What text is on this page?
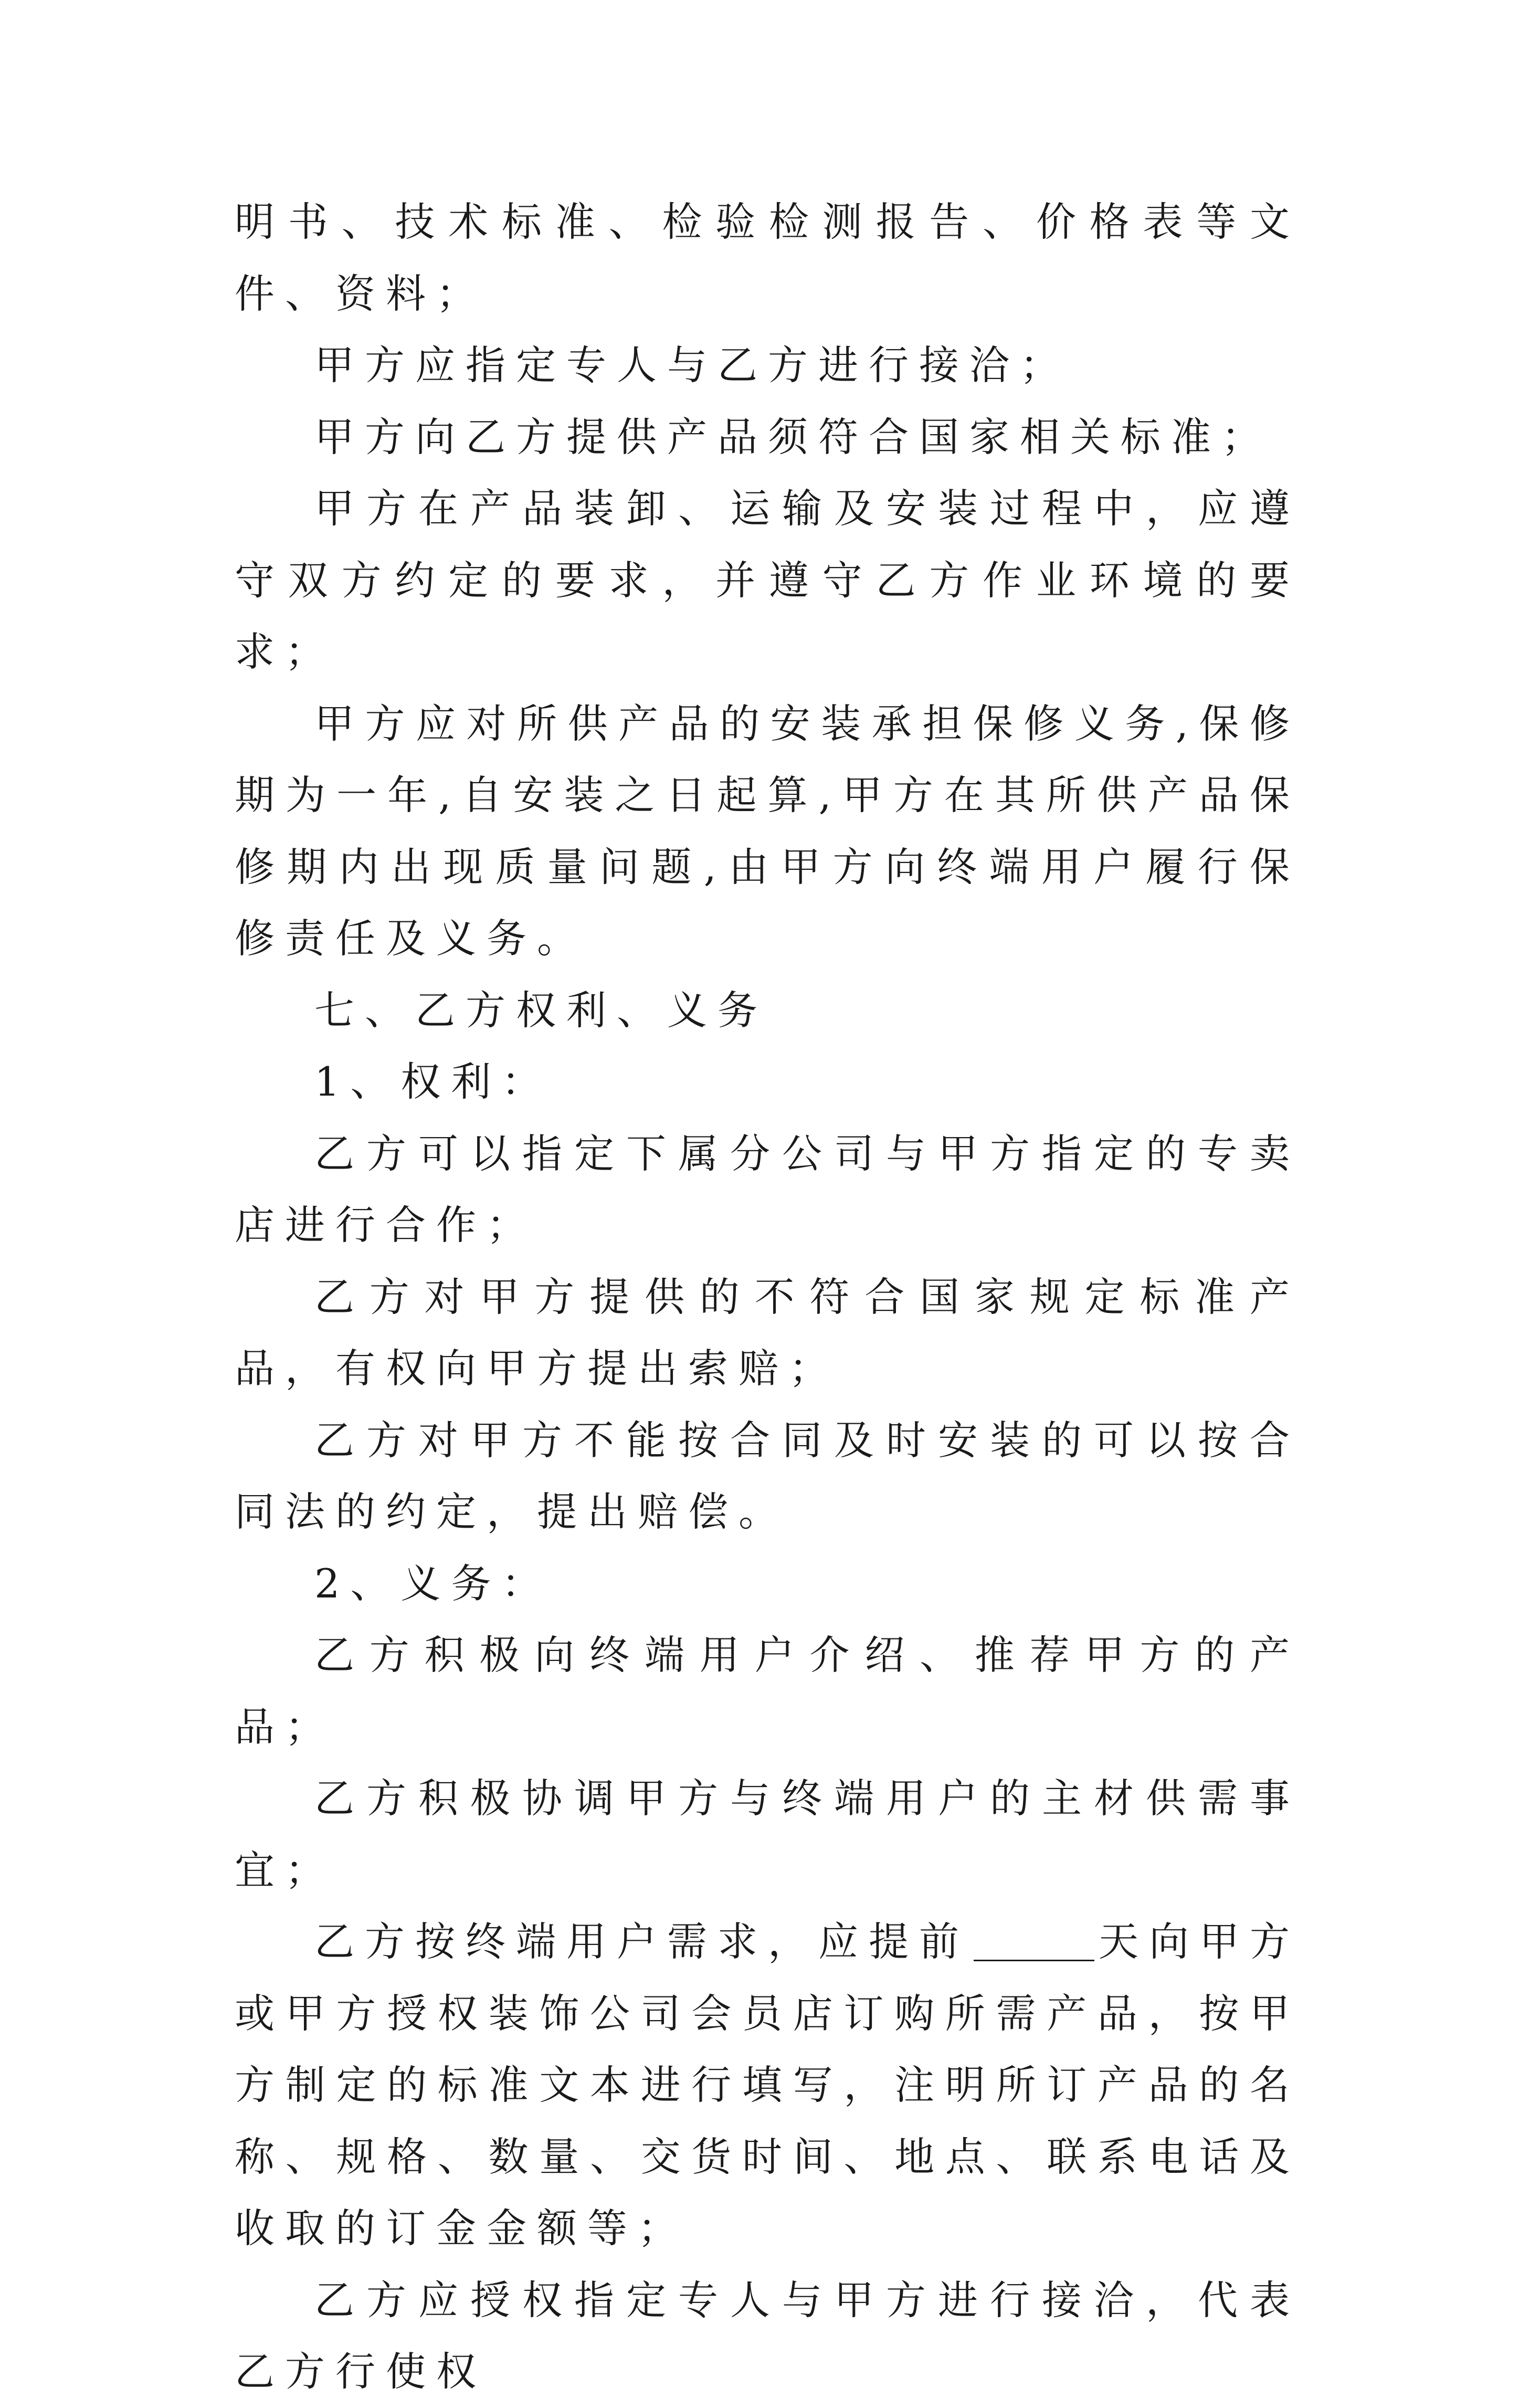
明书、技术标准、检验检测报告、价格表等文件、资料；

甲方应指定专人与乙方进行接洽；

甲方向乙方提供产品须符合国家相关标准；

甲方在产品装卸、运输及安装过程中，应遵守双方约定的要求，并遵守乙方作业环境的要求；

甲方应对所供产品的安装承担保修义务,保修期为一年,自安装之日起算,甲方在其所供产品保修期内出现质量问题,由甲方向终端用户履行保修责任及义务。

七、乙方权利、义务

1、权利：

乙方可以指定下属分公司与甲方指定的专卖店进行合作；

乙方对甲方提供的不符合国家规定标准产品，有权向甲方提出索赔；

乙方对甲方不能按合同及时安装的可以按合同法的约定，提出赔偿。

2、义务：

乙方积极向终端用户介绍、推荐甲方的产品；

乙方积极协调甲方与终端用户的主材供需事宜；

乙方按终端用户需求，应提前	天向甲方或甲方授权装饰公司会员店订购所需产品，按甲方制定的标准文本进行填写，注明所订产品的名称、规格、数量、交货时间、地点、联系电话及收取的订金金额等；

乙方应授权指定专人与甲方进行接洽，代表乙方行使权
